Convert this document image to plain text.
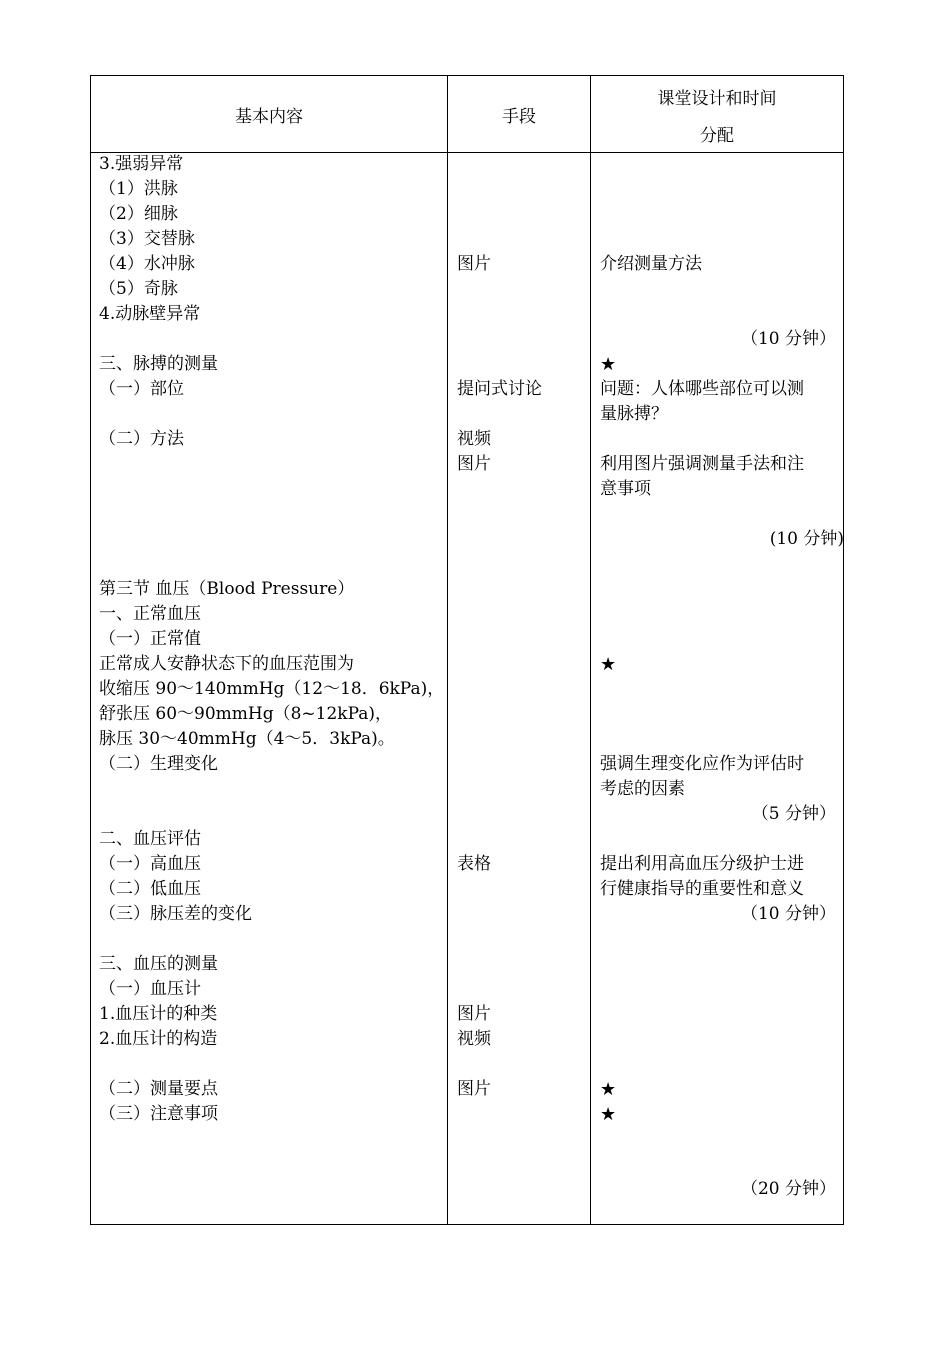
基本内容	手段
课堂设计和时间
分配
3.强弱异常
（1）洪脉
（2）细脉
（3）交替脉
（4）水冲脉
（5）奇脉
4.动脉壁异常
三、脉搏的测量
（一）部位
（二）方法
第三节 血压（Blood Pressure）
一、正常血压
（一）正常值
正常成人安静状态下的血压范围为
收缩压 90～140mmHg（12～18．6kPa)，
舒张压 60～90mmHg（8~12kPa)，
脉压 30～40mmHg（4～5．3kPa)。
（二）生理变化
二、血压评估
（一）高血压
（二）低血压
（三）脉压差的变化
三、血压的测量
（一）血压计
1.血压计的种类
2.血压计的构造
（二）测量要点
（三）注意事项
图片
提问式讨论
视频
图片
表格
图片
视频
图片
介绍测量方法
（10 分钟）
★
问题：人体哪些部位可以测
量脉搏？
利用图片强调测量手法和注
意事项
(10 分钟)
★
强调生理变化应作为评估时
考虑的因素
（5 分钟）
提出利用高血压分级护士进
行健康指导的重要性和意义
（10 分钟）
★
★
（20 分钟）
